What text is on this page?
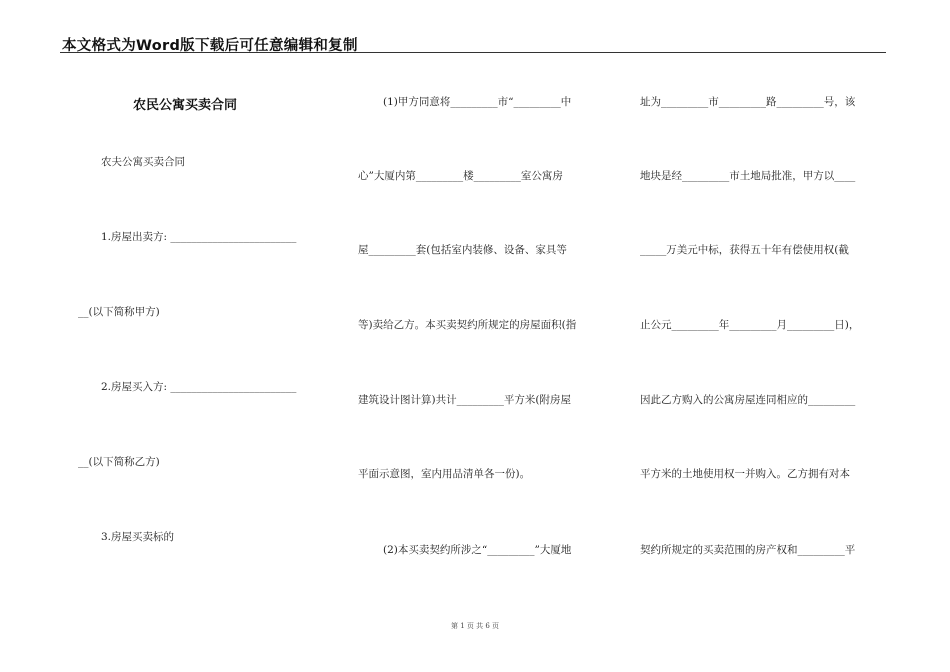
本文格式为Word版下载后可任意编辑和复制
农民公寓买卖合同
农夫公寓买卖合同
1.房屋出卖方: ________________________
__(以下简称甲方)
2.房屋买入方: ________________________
__(以下简称乙方)
3.房屋买卖标的
(1)甲方同意将_________市“_________中
心”大厦内第_________楼_________室公寓房
屋_________套(包括室内装修、设备、家具等
等)卖给乙方。本买卖契约所规定的房屋面积(指
建筑设计图计算)共计_________平方米(附房屋
平面示意图，室内用品清单各一份)。
(2)本买卖契约所涉之“_________”大厦地
址为_________市_________路_________号，该
地块是经_________市土地局批准，甲方以____
_____万美元中标，获得五十年有偿使用权(截
止公元_________年_________月_________日)，
因此乙方购入的公寓房屋连同相应的_________
平方米的土地使用权一并购入。乙方拥有对本
契约所规定的买卖范围的房产权和_________平
第 1 页 共 6 页
